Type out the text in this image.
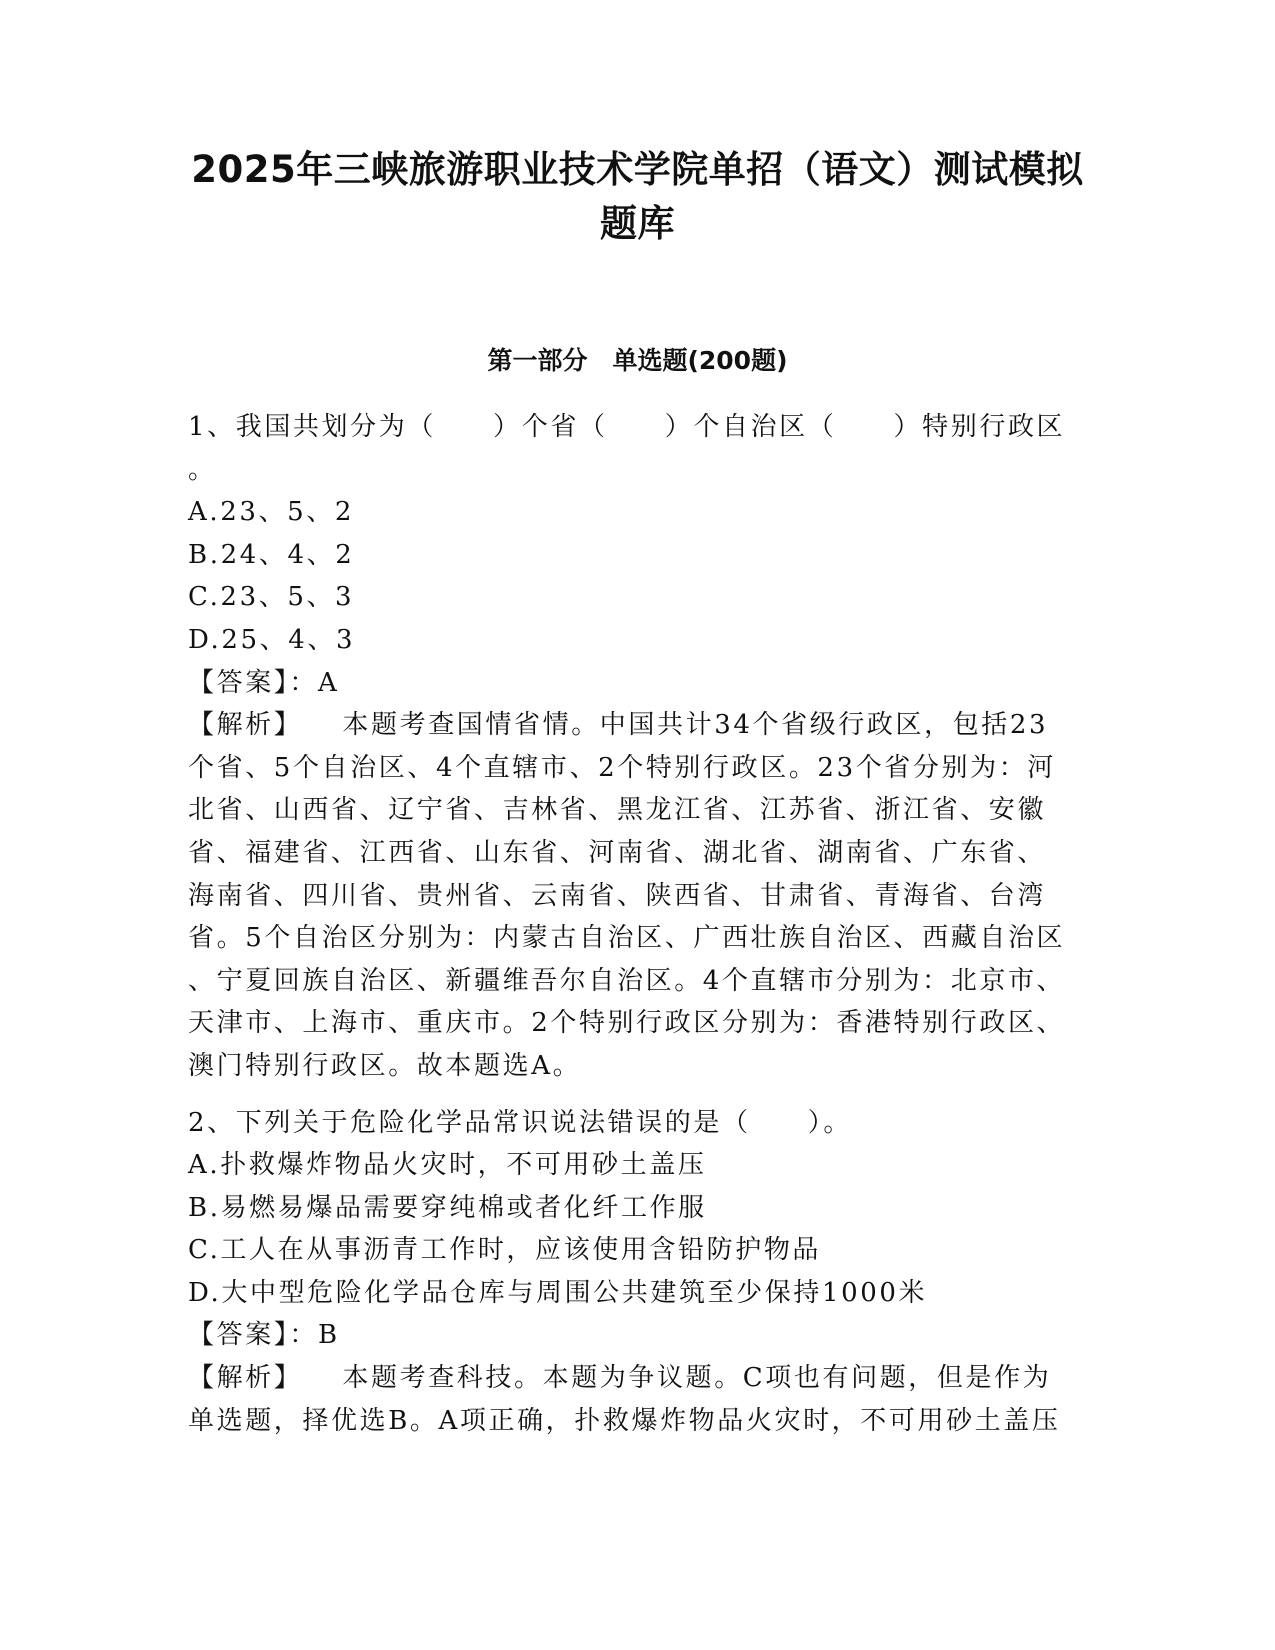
2025年三峡旅游职业技术学院单招（语文）测试模拟
题库
第一部分　单选题(200题)
1、我国共划分为（　　）个省（　　）个自治区（　　）特别行政区
。
A.23、5、2
B.24、4、2
C.23、5、3
D.25、4、3
【答案】：A
【解析】 本题考查国情省情。中国共计34个省级行政区，包括23
个省、5个自治区、4个直辖市、2个特别行政区。23个省分别为：河
北省、山西省、辽宁省、吉林省、黑龙江省、江苏省、浙江省、安徽
省、福建省、江西省、山东省、河南省、湖北省、湖南省、广东省、
海南省、四川省、贵州省、云南省、陕西省、甘肃省、青海省、台湾
省。5个自治区分别为：内蒙古自治区、广西壮族自治区、西藏自治区
、宁夏回族自治区、新疆维吾尔自治区。4个直辖市分别为：北京市、
天津市、上海市、重庆市。2个特别行政区分别为：香港特别行政区、
澳门特别行政区。故本题选A。
2、下列关于危险化学品常识说法错误的是（　　）。
A.扑救爆炸物品火灾时，不可用砂土盖压
B.易燃易爆品需要穿纯棉或者化纤工作服
C.工人在从事沥青工作时，应该使用含铅防护物品
D.大中型危险化学品仓库与周围公共建筑至少保持1000米
【答案】：B
【解析】 本题考查科技。本题为争议题。C项也有问题，但是作为
单选题，择优选B。A项正确，扑救爆炸物品火灾时，不可用砂土盖压
